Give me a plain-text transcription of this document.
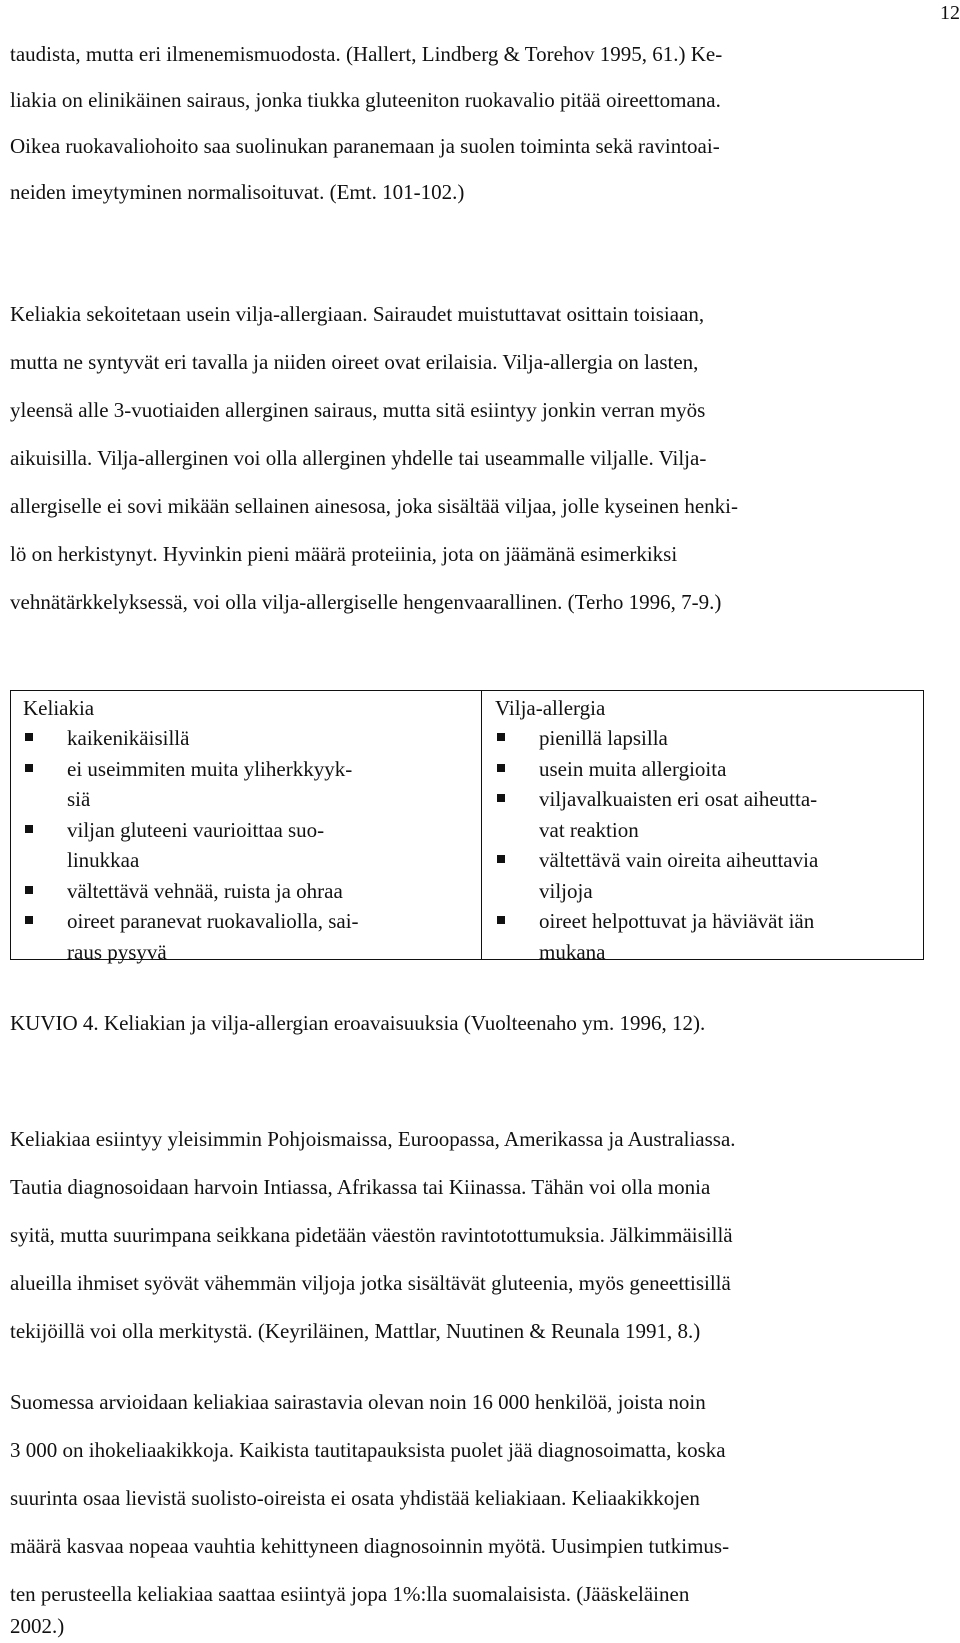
12
taudista, mutta eri ilmenemismuodosta. (Hallert, Lindberg & Torehov 1995, 61.) Ke-
liakia on elinikäinen sairaus, jonka tiukka gluteeniton ruokavalio pitää oireettomana.
Oikea ruokavaliohoito saa suolinukan paranemaan ja suolen toiminta sekä ravintoai-
neiden imeytyminen normalisoituvat. (Emt. 101-102.)
Keliakia sekoitetaan usein vilja-allergiaan. Sairaudet muistuttavat osittain toisiaan,
mutta ne syntyvät eri tavalla ja niiden oireet ovat erilaisia. Vilja-allergia on lasten,
yleensä alle 3-vuotiaiden allerginen sairaus, mutta sitä esiintyy jonkin verran myös
aikuisilla. Vilja-allerginen voi olla allerginen yhdelle tai useammalle viljalle. Vilja-
allergiselle ei sovi mikään sellainen ainesosa, joka sisältää viljaa, jolle kyseinen henki-
lö on herkistynyt. Hyvinkin pieni määrä proteiinia, jota on jäämänä esimerkiksi
vehnätärkkelyksessä, voi olla vilja-allergiselle hengenvaarallinen. (Terho 1996, 7-9.)
Keliakia
kaikenikäisillä
ei useimmiten muita yliherkkyyk-
siä
viljan gluteeni vaurioittaa suo-
linukkaa
vältettävä vehnää, ruista ja ohraa
oireet paranevat ruokavaliolla, sai-
raus pysyvä
Vilja-allergia
pienillä lapsilla
usein muita allergioita
viljavalkuaisten eri osat aiheutta-
vat reaktion
vältettävä vain oireita aiheuttavia
viljoja
oireet helpottuvat ja häviävät iän
mukana
KUVIO 4. Keliakian ja vilja-allergian eroavaisuuksia (Vuolteenaho ym. 1996, 12).
Keliakiaa esiintyy yleisimmin Pohjoismaissa, Euroopassa, Amerikassa ja Australiassa.
Tautia diagnosoidaan harvoin Intiassa, Afrikassa tai Kiinassa. Tähän voi olla monia
syitä, mutta suurimpana seikkana pidetään väestön ravintotottumuksia. Jälkimmäisillä
alueilla ihmiset syövät vähemmän viljoja jotka sisältävät gluteenia, myös geneettisillä
tekijöillä voi olla merkitystä. (Keyriläinen, Mattlar, Nuutinen & Reunala 1991, 8.)
Suomessa arvioidaan keliakiaa sairastavia olevan noin 16 000 henkilöä, joista noin
3 000 on ihokeliaakikkoja. Kaikista tautitapauksista puolet jää diagnosoimatta, koska
suurinta osaa lievistä suolisto-oireista ei osata yhdistää keliakiaan. Keliaakikkojen
määrä kasvaa nopeaa vauhtia kehittyneen diagnosoinnin myötä. Uusimpien tutkimus-
ten perusteella keliakiaa saattaa esiintyä jopa 1%:lla suomalaisista. (Jääskeläinen
2002.)
